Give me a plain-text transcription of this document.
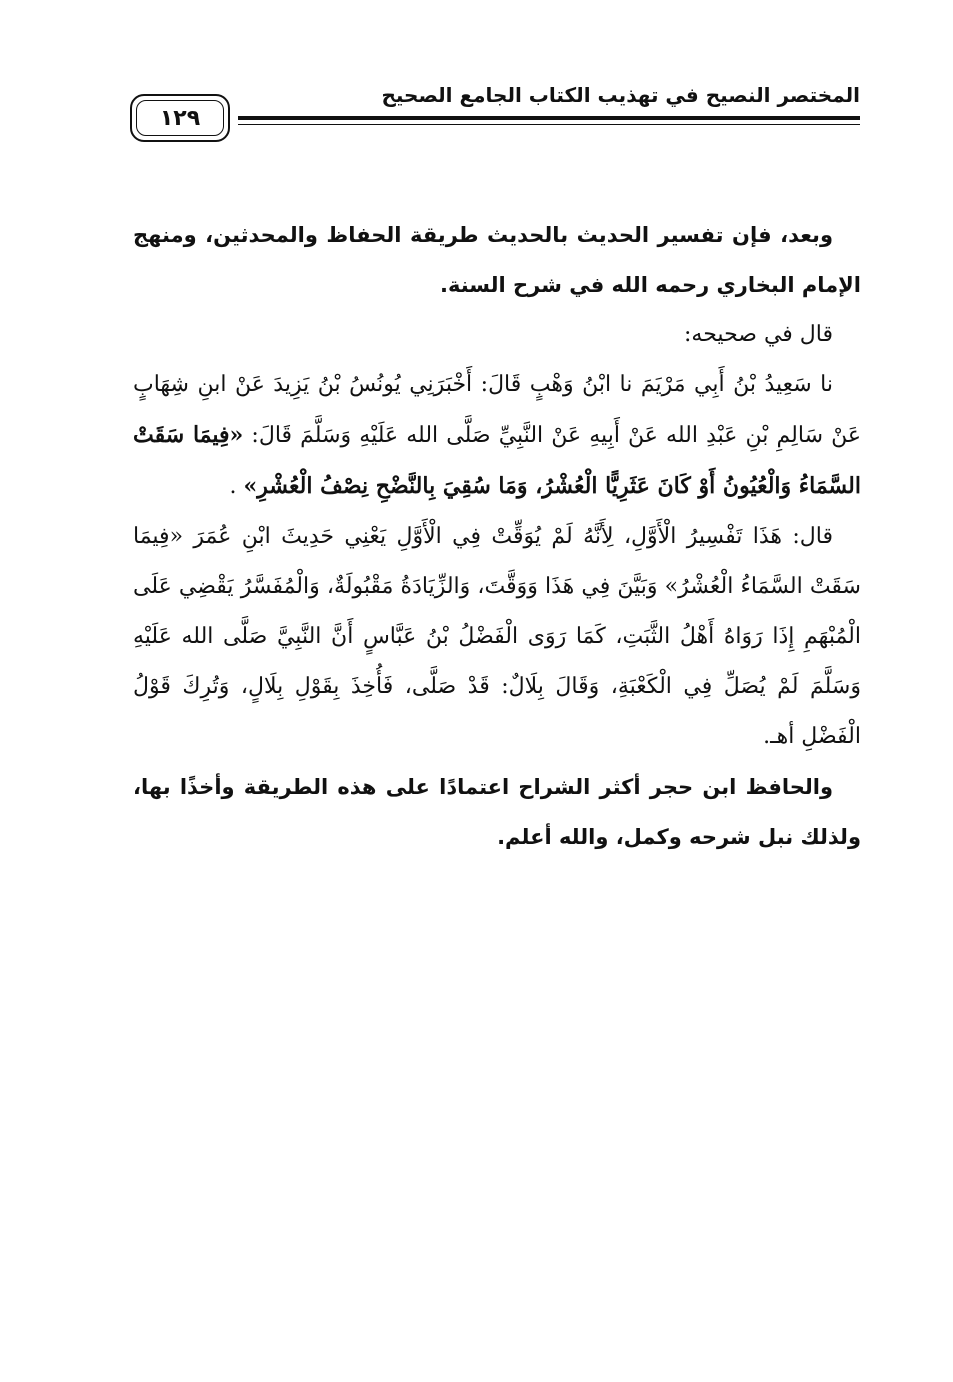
المختصر النصيح في تهذيب الكتاب الجامع الصحيح
١٢٩

وبعد، فإن تفسير الحديث بالحديث طريقة الحفاظ والمحدثين، ومنهج الإمام البخاري رحمه الله في شرح السنة.

قال في صحيحه:

نا سَعِيدُ بْنُ أَبِي مَرْيَمَ نا ابْنُ وَهْبٍ قَالَ: أَخْبَرَنِي يُونُسُ بْنُ يَزِيدَ عَنْ ابنِ شِهَابٍ عَنْ سَالِمِ بْنِ عَبْدِ الله عَنْ أَبِيهِ عَنْ النَّبِيِّ صَلَّى الله عَلَيْهِ وَسَلَّمَ قَالَ: «فِيمَا سَقَتْ السَّمَاءُ وَالْعُيُونُ أَوْ كَانَ عَثَرِيًّا الْعُشْرُ، وَمَا سُقِيَ بِالنَّضْحِ نِصْفُ الْعُشْرِ» .

قال: هَذَا تَفْسِيرُ الْأَوَّلِ، لِأَنَّهُ لَمْ يُوَقِّتْ فِي الْأَوَّلِ يَعْنِي حَدِيثَ ابْنِ عُمَرَ «فِيمَا سَقَتْ السَّمَاءُ الْعُشْرُ» وَبَيَّنَ فِي هَذَا وَوَقَّتَ، وَالزِّيَادَةُ مَقْبُولَةٌ، وَالْمُفَسَّرُ يَقْضِي عَلَى الْمُبْهَمِ إِذَا رَوَاهُ أَهْلُ الثَّبَتِ، كَمَا رَوَى الْفَضْلُ بْنُ عَبَّاسٍ أَنَّ النَّبِيَّ صَلَّى الله عَلَيْهِ وَسَلَّمَ لَمْ يُصَلِّ فِي الْكَعْبَةِ، وَقَالَ بِلَالٌ: قَدْ صَلَّى، فَأُخِذَ بِقَوْلِ بِلَالٍ، وَتُرِكَ قَوْلُ الْفَضْلِ أهـ.

والحافظ ابن حجر أكثر الشراح اعتمادًا على هذه الطريقة وأخذًا بها، ولذلك نبل شرحه وكمل، والله أعلم.
